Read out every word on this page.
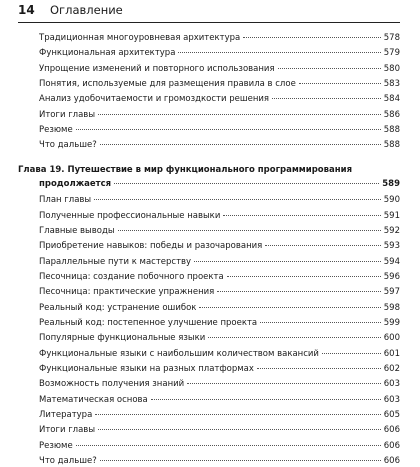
14	Оглавление
Традиционная многоуровневая архитектура	578
Функциональная архитектура	579
Упрощение изменений и повторного использования	580
Понятия, используемые для размещения правила в слое	583
Анализ удобочитаемости и громоздкости решения	584
Итоги главы	586
Резюме	588
Что дальше?	588
Глава 19. Путешествие в мир функционального программирования
продолжается	589
План главы	590
Полученные профессиональные навыки	591
Главные выводы	592
Приобретение навыков: победы и разочарования	593
Параллельные пути к мастерству	594
Песочница: создание побочного проекта	596
Песочница: практические упражнения	597
Реальный код: устранение ошибок	598
Реальный код: постепенное улучшение проекта	599
Популярные функциональные языки	600
Функциональные языки с наибольшим количеством вакансий	601
Функциональные языки на разных платформах	602
Возможность получения знаний	603
Математическая основа	603
Литература	605
Итоги главы	606
Резюме	606
Что дальше?	606
